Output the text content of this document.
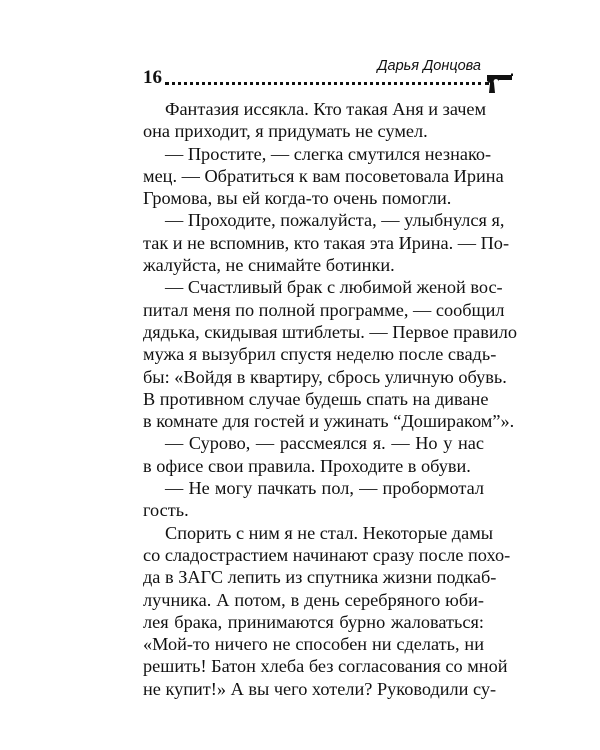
16
Дарья Донцова
Фантазия иссякла. Кто такая Аня и зачем
она приходит, я придумать не сумел.
— Простите, — слегка смутился незнако-
мец. — Обратиться к вам посоветовала Ирина
Громова, вы ей когда-то очень помогли.
— Проходите, пожалуйста, — улыбнулся я,
так и не вспомнив, кто такая эта Ирина. — По-
жалуйста, не снимайте ботинки.
— Счастливый брак с любимой женой вос-
питал меня по полной программе, — сообщил
дядька, скидывая штиблеты. — Первое правило
мужа я вызубрил спустя неделю после свадь-
бы: «Войдя в квартиру, сбрось уличную обувь.
В противном случае будешь спать на диване
в комнате для гостей и ужинать “Дошираком”».
— Сурово, — рассмеялся я. — Но у нас
в офисе свои правила. Проходите в обуви.
— Не могу пачкать пол, — пробормотал
гость.
Спорить с ним я не стал. Некоторые дамы
со сладострастием начинают сразу после похо-
да в ЗАГС лепить из спутника жизни подкаб-
лучника. А потом, в день серебряного юби-
лея брака, принимаются бурно жаловаться:
«Мой-то ничего не способен ни сделать, ни
решить! Батон хлеба без согласования со мной
не купит!» А вы чего хотели? Руководили су-
